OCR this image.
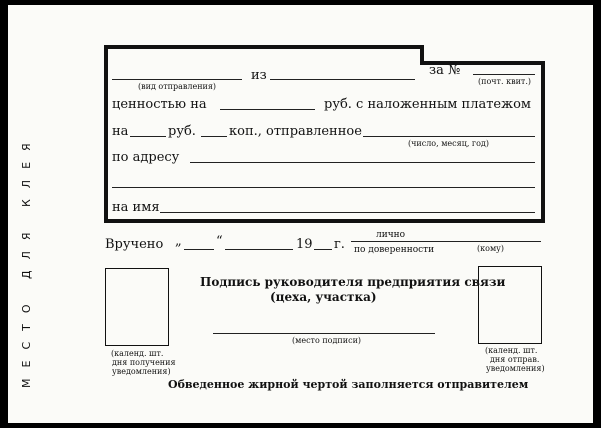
МЕСТО ДЛЯ КЛЕЯ
(вид отправления)
из	за №
(почт. квит.)
ценностью на	руб. с наложенным платежом
на	руб.	коп., отправленное
(число, месяц, год)
по адресу
на имя
Вручено „	“	19 г.
лично
по доверенности	(кому)
(календ. шт.
дня получения
уведомления)
(календ. шт.
дня отправ.
уведомления)
Подпись руководителя предприятия связи
(цеха, участка)
(место подписи)
Обведенное жирной чертой заполняется отправителем
